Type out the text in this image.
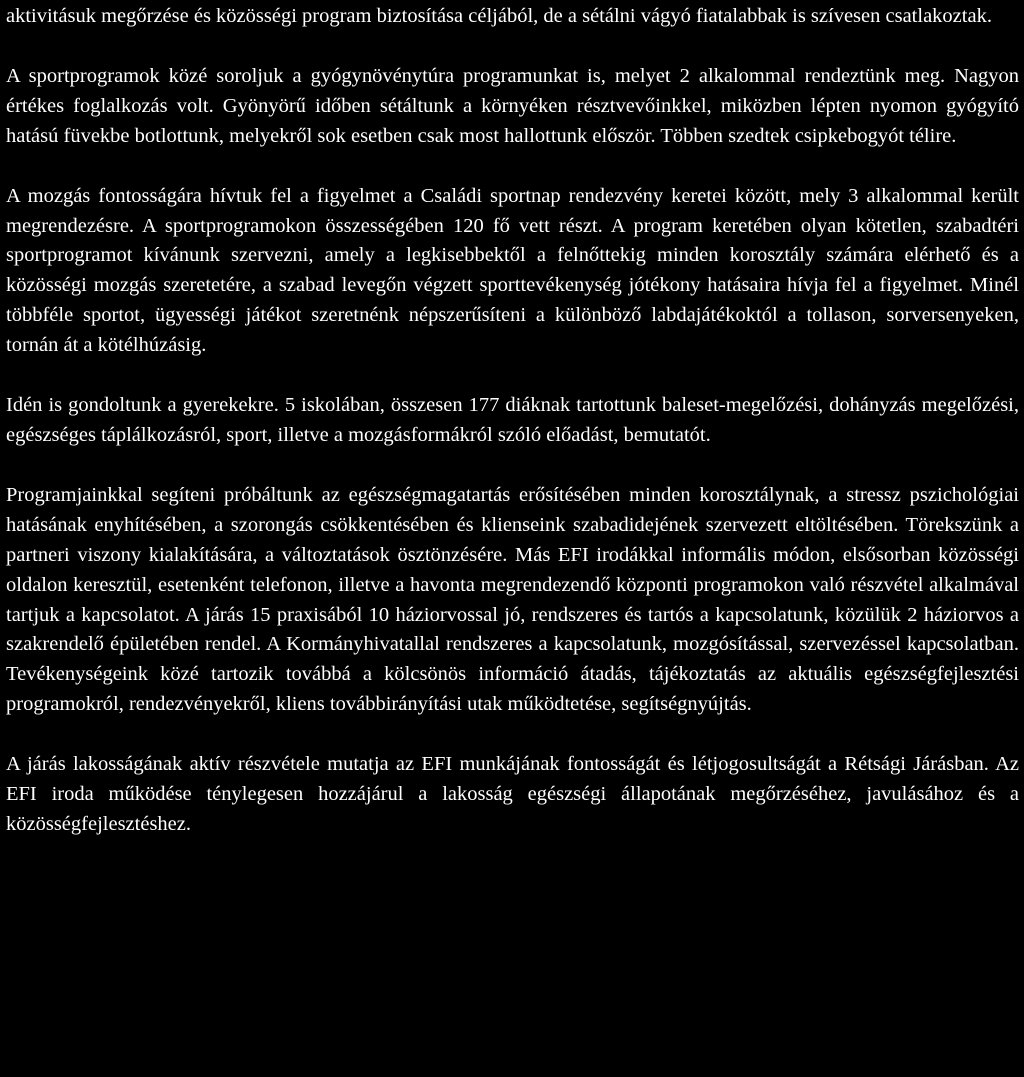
aktivitásuk megőrzése és közösségi program biztosítása céljából, de a sétálni vágyó fiatalabbak is szívesen csatlakoztak.

A sportprogramok közé soroljuk a gyógynövénytúra programunkat is, melyet 2 alkalommal rendeztünk meg. Nagyon értékes foglalkozás volt. Gyönyörű időben sétáltunk a környéken résztvevőinkkel, miközben lépten nyomon gyógyító hatású füvekbe botlottunk, melyekről sok esetben csak most hallottunk először. Többen szedtek csipkebogyót télire.

A mozgás fontosságára hívtuk fel a figyelmet a Családi sportnap rendezvény keretei között, mely 3 alkalommal került megrendezésre. A sportprogramokon összességében 120 fő vett részt. A program keretében olyan kötetlen, szabadtéri sportprogramot kívánunk szervezni, amely a legkisebbektől a felnőttekig minden korosztály számára elérhető és a közösségi mozgás szeretetére, a szabad levegőn végzett sporttevékenység jótékony hatásaira hívja fel a figyelmet. Minél többféle sportot, ügyességi játékot szeretnénk népszerűsíteni a különböző labdajátékoktól a tollason, sorversenyeken, tornán át a kötélhúzásig.

Idén is gondoltunk a gyerekekre. 5 iskolában, összesen 177 diáknak tartottunk baleset-megelőzési, dohányzás megelőzési, egészséges táplálkozásról, sport, illetve a mozgásformákról szóló előadást, bemutatót.

Programjainkkal segíteni próbáltunk az egészségmagatartás erősítésében minden korosztálynak, a stressz pszichológiai hatásának enyhítésében, a szorongás csökkentésében és klienseink szabadidejének szervezett eltöltésében. Törekszünk a partneri viszony kialakítására, a változtatások ösztönzésére. Más EFI irodákkal informális módon, elsősorban közösségi oldalon keresztül, esetenként telefonon, illetve a havonta megrendezendő központi programokon való részvétel alkalmával tartjuk a kapcsolatot. A járás 15 praxisából 10 háziorvossal jó, rendszeres és tartós a kapcsolatunk, közülük 2 háziorvos a szakrendelő épületében rendel. A Kormányhivatallal rendszeres a kapcsolatunk, mozgósítással, szervezéssel kapcsolatban. Tevékenységeink közé tartozik továbbá a kölcsönös információ átadás, tájékoztatás az aktuális egészségfejlesztési programokról, rendezvényekről, kliens továbbirányítási utak működtetése, segítségnyújtás.

A járás lakosságának aktív részvétele mutatja az EFI munkájának fontosságát és létjogosultságát a Rétsági Járásban. Az EFI iroda működése ténylegesen hozzájárul a lakosság egészségi állapotának megőrzéséhez, javulásához és a közösségfejlesztéshez.
